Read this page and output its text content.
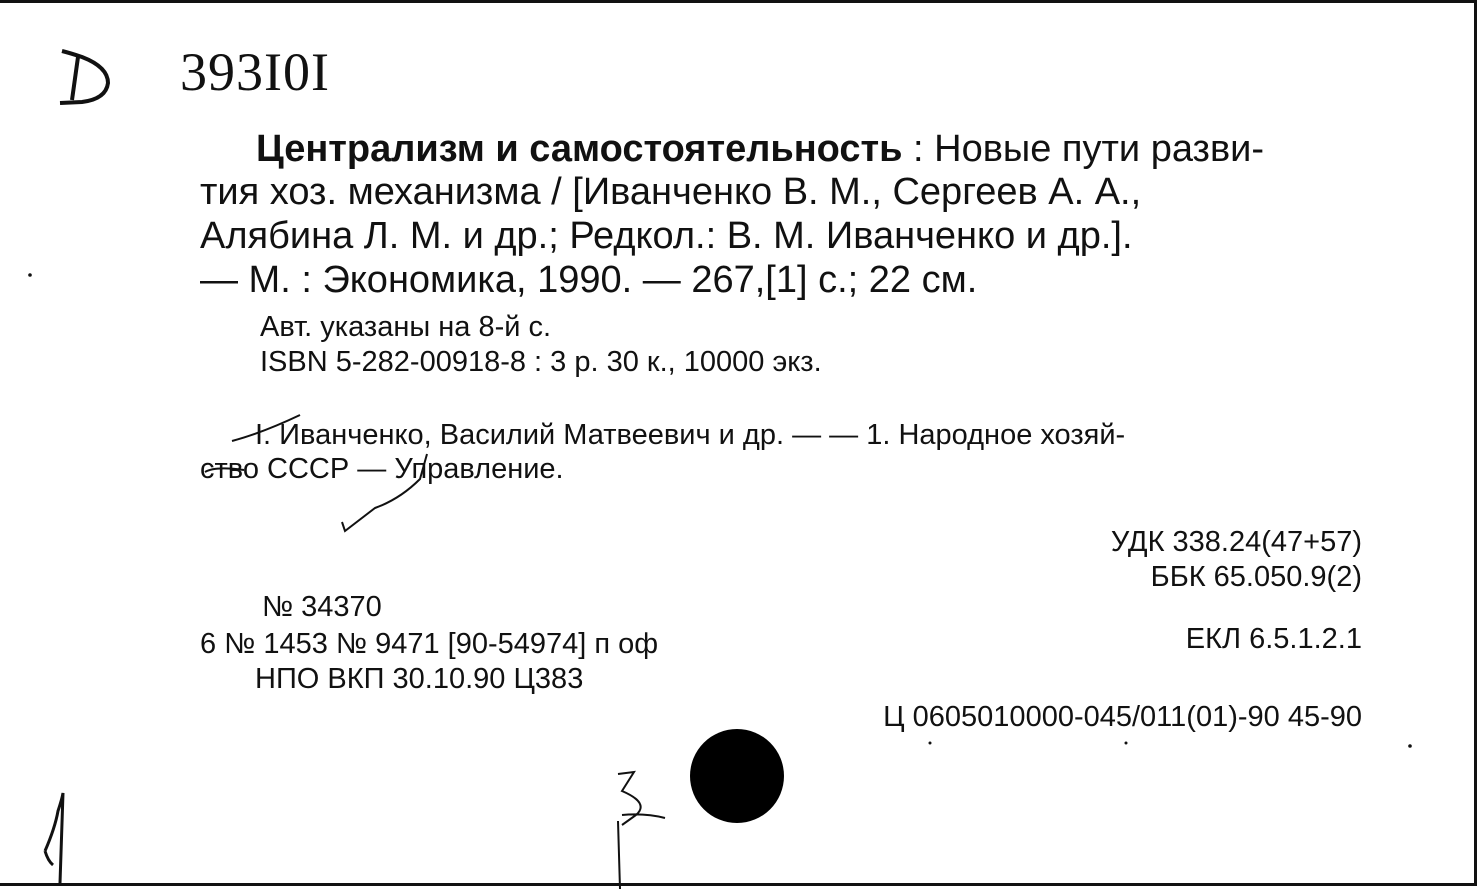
393I0I
Централизм и самостоятельность : Новые пути разви-
тия хоз. механизма / [Иванченко В. М., Сергеев А. А.,
Алябина Л. М. и др.; Редкол.: В. М. Иванченко и др.].
— М. : Экономика, 1990. — 267,[1] с.; 22 см.
Авт. указаны на 8-й с.
ISBN 5-282-00918-8 : 3 р. 30 к., 10000 экз.
I. Иванченко, Василий Матвеевич и др. — — 1. Народное хозяй-
ство СССР — Управление.
УДК 338.24(47+57)
ББК 65.050.9(2)
ЕКЛ 6.5.1.2.1
№ 34370
6 № 1453 № 9471 [90-54974] п оф
НПО ВКП 30.10.90 Ц383
Ц 0605010000-045/011(01)-90 45-90
